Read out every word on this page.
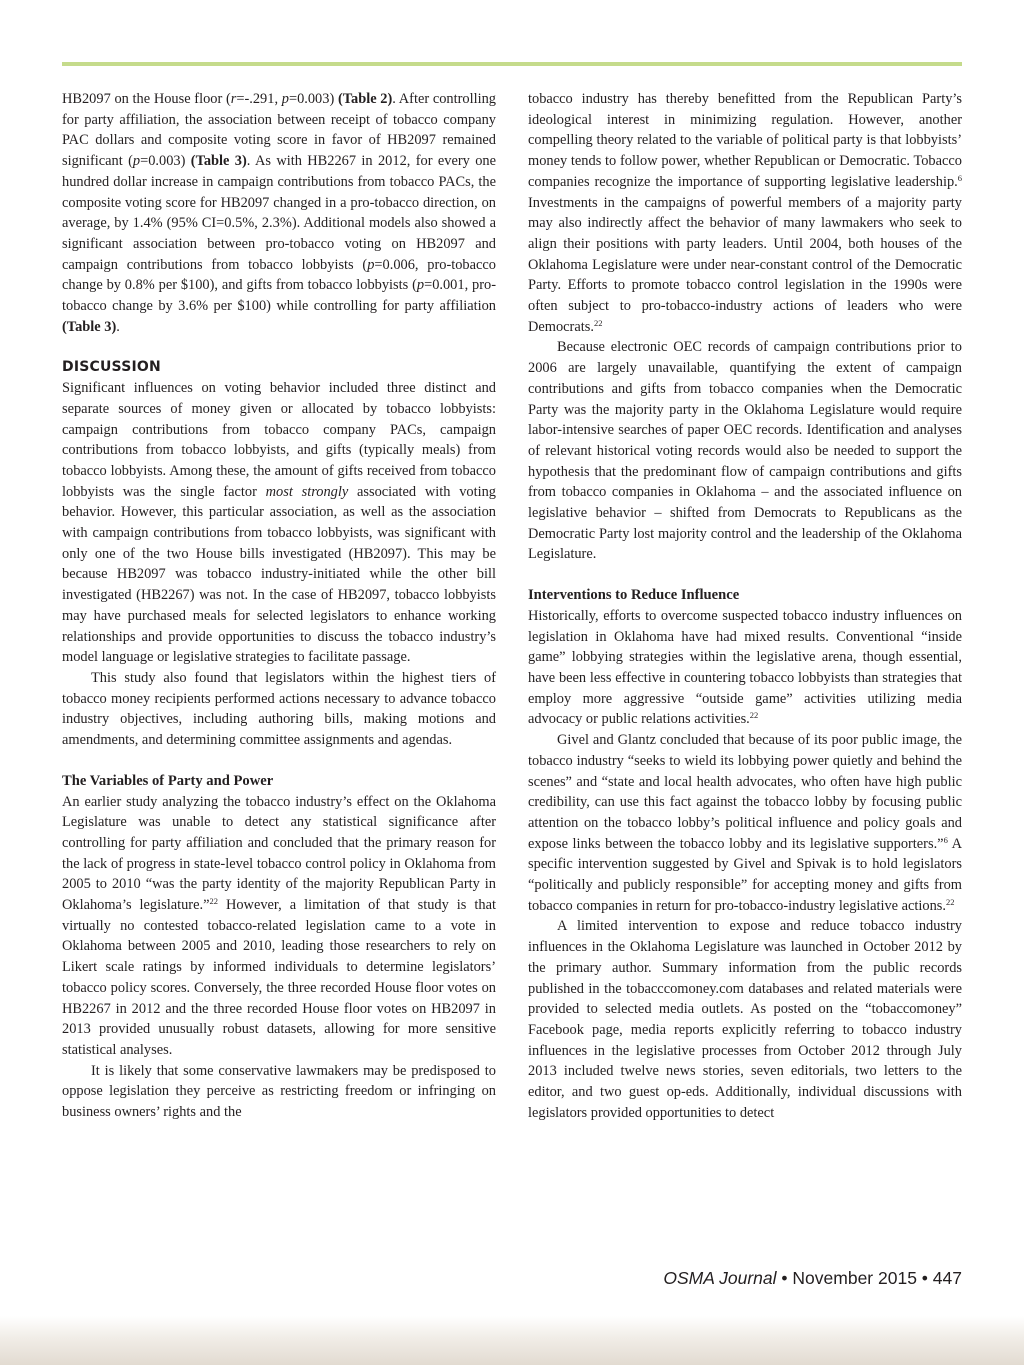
HB2097 on the House floor (r=-.291, p=0.003) (Table 2). After controlling for party affiliation, the association between receipt of tobacco company PAC dollars and composite voting score in favor of HB2097 remained significant (p=0.003) (Table 3). As with HB2267 in 2012, for every one hundred dollar increase in campaign contributions from tobacco PACs, the composite voting score for HB2097 changed in a pro-tobacco direction, on average, by 1.4% (95% CI=0.5%, 2.3%). Additional models also showed a significant association between pro-tobacco voting on HB2097 and campaign contributions from tobacco lobbyists (p=0.006, pro-tobacco change by 0.8% per $100), and gifts from tobacco lobbyists (p=0.001, pro-tobacco change by 3.6% per $100) while controlling for party affiliation (Table 3).

DISCUSSION

Significant influences on voting behavior included three distinct and separate sources of money given or allocated by tobacco lobbyists: campaign contributions from tobacco company PACs, campaign contributions from tobacco lobbyists, and gifts (typically meals) from tobacco lobbyists. Among these, the amount of gifts received from tobacco lobbyists was the single factor most strongly associated with voting behavior. However, this particular association, as well as the association with campaign contributions from tobacco lobbyists, was significant with only one of the two House bills investigated (HB2097). This may be because HB2097 was tobacco industry-initiated while the other bill investigated (HB2267) was not. In the case of HB2097, tobacco lobbyists may have purchased meals for selected legislators to enhance working relationships and provide opportunities to discuss the tobacco industry’s model language or legislative strategies to facilitate passage.

This study also found that legislators within the highest tiers of tobacco money recipients performed actions necessary to advance tobacco industry objectives, including authoring bills, making motions and amendments, and determining committee assignments and agendas.

The Variables of Party and Power

An earlier study analyzing the tobacco industry’s effect on the Oklahoma Legislature was unable to detect any statistical significance after controlling for party affiliation and concluded that the primary reason for the lack of progress in state-level tobacco control policy in Oklahoma from 2005 to 2010 “was the party identity of the majority Republican Party in Oklahoma’s legislature.”$^{22}$ However, a limitation of that study is that virtually no contested tobacco-related legislation came to a vote in Oklahoma between 2005 and 2010, leading those researchers to rely on Likert scale ratings by informed individuals to determine legislators’ tobacco policy scores. Conversely, the three recorded House floor votes on HB2267 in 2012 and the three recorded House floor votes on HB2097 in 2013 provided unusually robust datasets, allowing for more sensitive statistical analyses.

It is likely that some conservative lawmakers may be predisposed to oppose legislation they perceive as restricting freedom or infringing on business owners’ rights and the

tobacco industry has thereby benefitted from the Republican Party’s ideological interest in minimizing regulation. However, another compelling theory related to the variable of political party is that lobbyists’ money tends to follow power, whether Republican or Democratic. Tobacco companies recognize the importance of supporting legislative leadership.$^6$ Investments in the campaigns of powerful members of a majority party may also indirectly affect the behavior of many lawmakers who seek to align their positions with party leaders. Until 2004, both houses of the Oklahoma Legislature were under near-constant control of the Democratic Party. Efforts to promote tobacco control legislation in the 1990s were often subject to pro-tobacco-industry actions of leaders who were Democrats.$^{22}$

Because electronic OEC records of campaign contributions prior to 2006 are largely unavailable, quantifying the extent of campaign contributions and gifts from tobacco companies when the Democratic Party was the majority party in the Oklahoma Legislature would require labor-intensive searches of paper OEC records. Identification and analyses of relevant historical voting records would also be needed to support the hypothesis that the predominant flow of campaign contributions and gifts from tobacco companies in Oklahoma – and the associated influence on legislative behavior – shifted from Democrats to Republicans as the Democratic Party lost majority control and the leadership of the Oklahoma Legislature.

Interventions to Reduce Influence

Historically, efforts to overcome suspected tobacco industry influences on legislation in Oklahoma have had mixed results. Conventional “inside game” lobbying strategies within the legislative arena, though essential, have been less effective in countering tobacco lobbyists than strategies that employ more aggressive “outside game” activities utilizing media advocacy or public relations activities.$^{22}$

Givel and Glantz concluded that because of its poor public image, the tobacco industry “seeks to wield its lobbying power quietly and behind the scenes” and “state and local health advocates, who often have high public credibility, can use this fact against the tobacco lobby by focusing public attention on the tobacco lobby’s political influence and policy goals and expose links between the tobacco lobby and its legislative supporters.”$^6$ A specific intervention suggested by Givel and Spivak is to hold legislators “politically and publicly responsible” for accepting money and gifts from tobacco companies in return for pro-tobacco-industry legislative actions.$^{22}$

A limited intervention to expose and reduce tobacco industry influences in the Oklahoma Legislature was launched in October 2012 by the primary author. Summary information from the public records published in the tobacccomoney.com databases and related materials were provided to selected media outlets. As posted on the “tobaccomoney” Facebook page, media reports explicitly referring to tobacco industry influences in the legislative processes from October 2012 through July 2013 included twelve news stories, seven editorials, two letters to the editor, and two guest op-eds. Additionally, individual discussions with legislators provided opportunities to detect

OSMA Journal • November 2015 • 447
